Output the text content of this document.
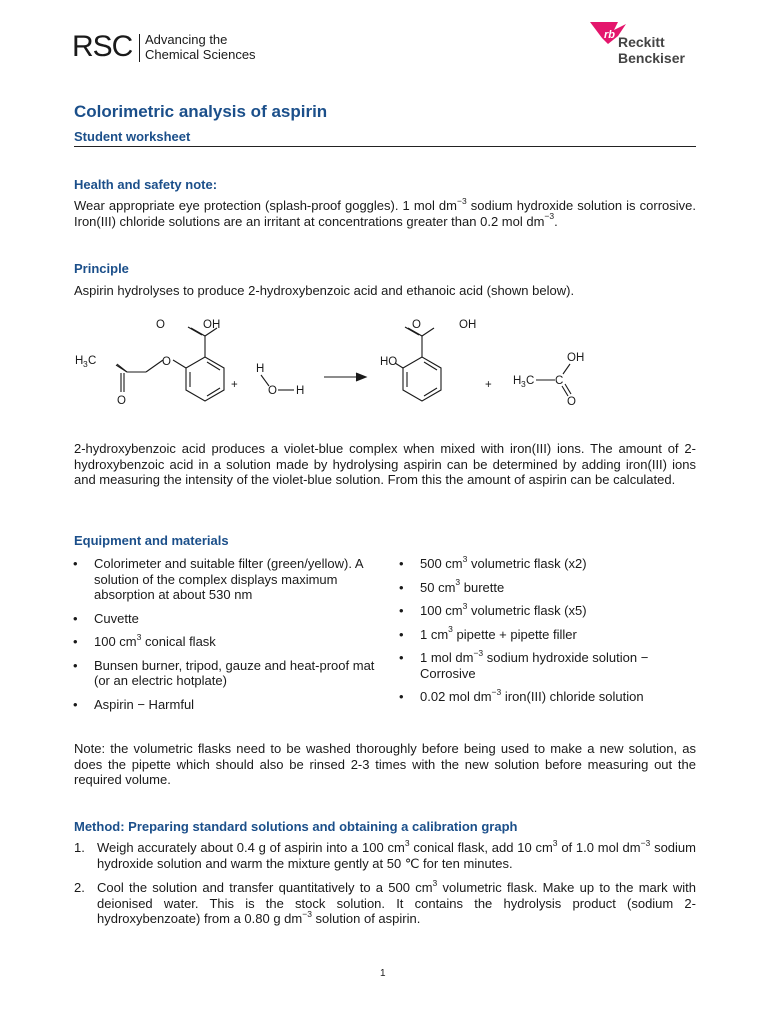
RSC Advancing the
Chemical Sciences
rb Reckitt
Benckiser
Colorimetric analysis of aspirin
Student worksheet
Health and safety note:
Wear appropriate eye protection (splash-proof goggles). 1 mol $dm^{-3}$ sodium hydroxide solution is corrosive. Iron(III) chloride solutions are an irritant at concentrations greater than 0.2 mol $dm^{-3}$.
Principle
Aspirin hydrolyses to produce 2-hydroxybenzoic acid and ethanoic acid (shown below).
O	OH
O
H 3 C
O
+
H
O H
HO
O	OH
+ H 3 C C
OH
O
2-hydroxybenzoic acid produces a violet-blue complex when mixed with iron(III) ions. The amount of 2-hydroxybenzoic acid in a solution made by hydrolysing aspirin can be determined by adding iron(III) ions and measuring the intensity of the violet-blue solution. From this the amount of aspirin can be calculated.
Equipment and materials
• Colorimeter and suitable filter (green/yellow). A solution of the complex displays maximum absorption at about 530 nm
• Cuvette
• 100 $cm^3$ conical flask
• Bunsen burner, tripod, gauze and heat-proof mat (or an electric hotplate)
• Aspirin − Harmful
• 500 $cm^3$ volumetric flask (x2)
• 50 $cm^3$ burette
• 100 $cm^3$ volumetric flask (x5)
• 1 $cm^3$ pipette + pipette filler
• 1 mol $dm^{-3}$ sodium hydroxide solution − Corrosive
• 0.02 mol $dm^{-3}$ iron(III) chloride solution
Note: the volumetric flasks need to be washed thoroughly before being used to make a new solution, as does the pipette which should also be rinsed 2-3 times with the new solution before measuring out the required volume.
Method: Preparing standard solutions and obtaining a calibration graph
1. Weigh accurately about 0.4 g of aspirin into a 100 $cm^3$ conical flask, add 10 $cm^3$ of 1.0 mol $dm^{-3}$ sodium hydroxide solution and warm the mixture gently at 50 ℃ for ten minutes.
2. Cool the solution and transfer quantitatively to a 500 $cm^3$ volumetric flask. Make up to the mark with deionised water. This is the stock solution. It contains the hydrolysis product (sodium 2-hydroxybenzoate) from a 0.80 g $dm^{-3}$ solution of aspirin.
1
